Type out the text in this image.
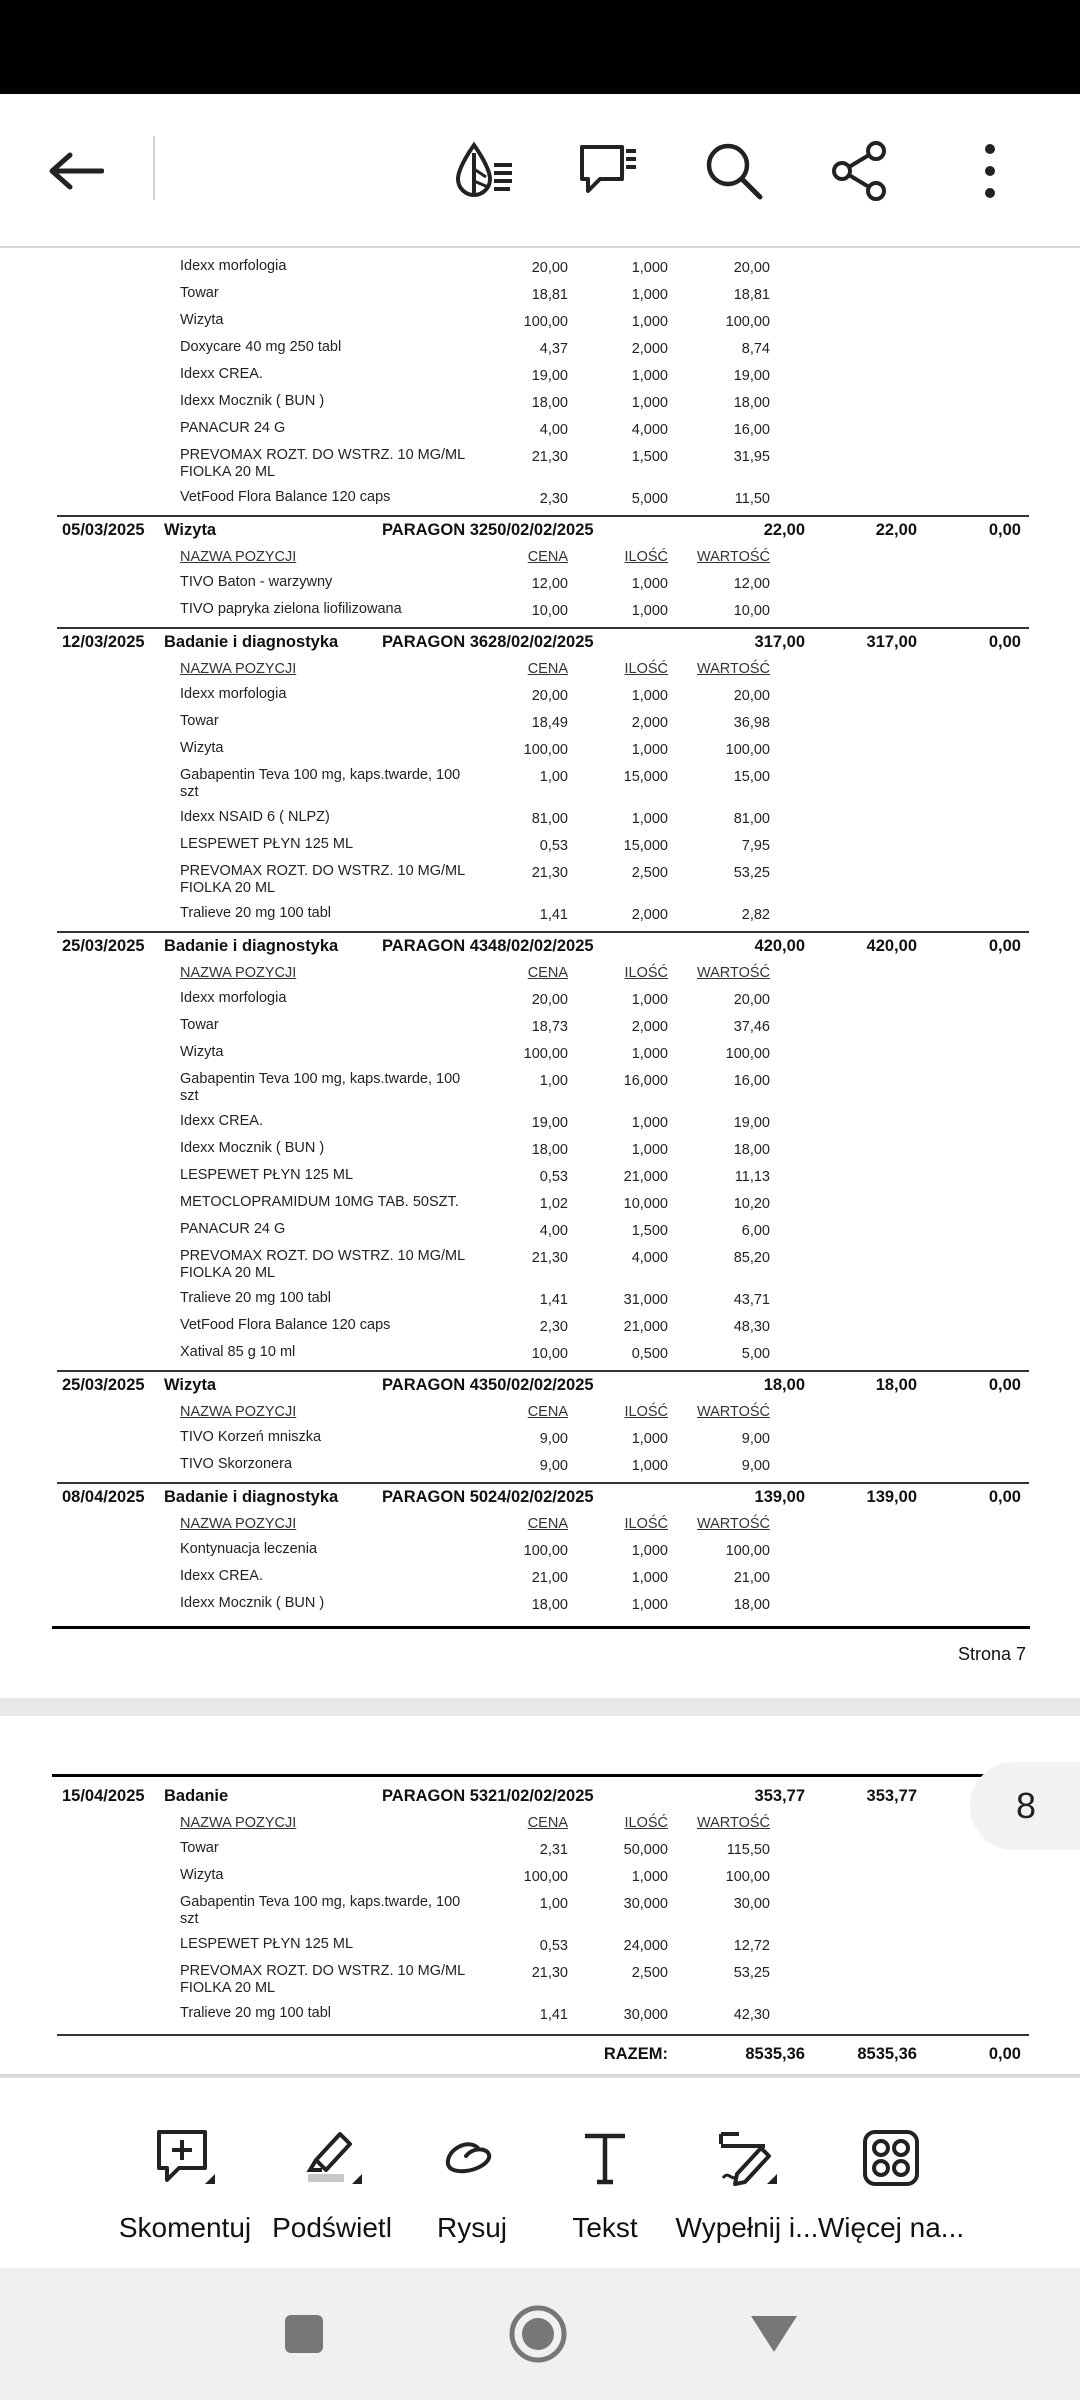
Idexx morfologia	20,00	1,000	20,00
Towar	18,81	1,000	18,81
Wizyta	100,00	1,000	100,00
Doxycare 40 mg 250 tabl	4,37	2,000	8,74
Idexx CREA.	19,00	1,000	19,00
Idexx Mocznik ( BUN )	18,00	1,000	18,00
PANACUR 24 G	4,00	4,000	16,00
PREVOMAX ROZT. DO WSTRZ. 10 MG/ML FIOLKA 20 ML
21,30	1,500	31,95
VetFood Flora Balance 120 caps	2,30	5,000	11,50
05/03/2025 Wizyta	PARAGON 3250/02/02/2025	22,00	22,00	0,00
NAZWA POZYCJI	CENA	ILOŚĆ	WARTOŚĆ
TIVO Baton - warzywny	12,00	1,000	12,00
TIVO papryka zielona liofilizowana	10,00	1,000	10,00
12/03/2025 Badanie i diagnostyka	PARAGON 3628/02/02/2025	317,00	317,00	0,00
NAZWA POZYCJI	CENA	ILOŚĆ	WARTOŚĆ
Idexx morfologia	20,00	1,000	20,00
Towar	18,49	2,000	36,98
Wizyta	100,00	1,000	100,00
Gabapentin Teva 100 mg, kaps.twarde, 100 szt
1,00	15,000	15,00
Idexx NSAID 6 ( NLPZ)	81,00	1,000	81,00
LESPEWET PŁYN 125 ML	0,53	15,000	7,95
PREVOMAX ROZT. DO WSTRZ. 10 MG/ML FIOLKA 20 ML
21,30	2,500	53,25
Tralieve 20 mg 100 tabl	1,41	2,000	2,82
25/03/2025 Badanie i diagnostyka	PARAGON 4348/02/02/2025	420,00	420,00	0,00
NAZWA POZYCJI	CENA	ILOŚĆ	WARTOŚĆ
Idexx morfologia	20,00	1,000	20,00
Towar	18,73	2,000	37,46
Wizyta	100,00	1,000	100,00
Gabapentin Teva 100 mg, kaps.twarde, 100 szt
1,00	16,000	16,00
Idexx CREA.	19,00	1,000	19,00
Idexx Mocznik ( BUN )	18,00	1,000	18,00
LESPEWET PŁYN 125 ML	0,53	21,000	11,13
METOCLOPRAMIDUM 10MG TAB. 50SZT.	1,02	10,000	10,20
PANACUR 24 G	4,00	1,500	6,00
PREVOMAX ROZT. DO WSTRZ. 10 MG/ML FIOLKA 20 ML
21,30	4,000	85,20
Tralieve 20 mg 100 tabl	1,41	31,000	43,71
VetFood Flora Balance 120 caps	2,30	21,000	48,30
Xatival 85 g 10 ml	10,00	0,500	5,00
25/03/2025 Wizyta	PARAGON 4350/02/02/2025	18,00	18,00	0,00
NAZWA POZYCJI	CENA	ILOŚĆ	WARTOŚĆ
TIVO Korzeń mniszka	9,00	1,000	9,00
TIVO Skorzonera	9,00	1,000	9,00
08/04/2025 Badanie i diagnostyka	PARAGON 5024/02/02/2025	139,00	139,00	0,00
NAZWA POZYCJI	CENA	ILOŚĆ	WARTOŚĆ
Kontynuacja leczenia	100,00	1,000	100,00
Idexx CREA.	21,00	1,000	21,00
Idexx Mocznik ( BUN )	18,00	1,000	18,00
Strona 7
15/04/2025 Badanie	PARAGON 5321/02/02/2025	353,77	353,77
NAZWA POZYCJI	CENA	ILOŚĆ	WARTOŚĆ
Towar	2,31	50,000	115,50
Wizyta	100,00	1,000	100,00
Gabapentin Teva 100 mg, kaps.twarde, 100 szt
1,00	30,000	30,00
LESPEWET PŁYN 125 ML	0,53	24,000	12,72
PREVOMAX ROZT. DO WSTRZ. 10 MG/ML FIOLKA 20 ML
21,30	2,500	53,25
Tralieve 20 mg 100 tabl	1,41	30,000	42,30
RAZEM:	8535,36	8535,36	0,00
8
Skomentuj Podświetl Rysuj Tekst Wypełnij i... Więcej na...
